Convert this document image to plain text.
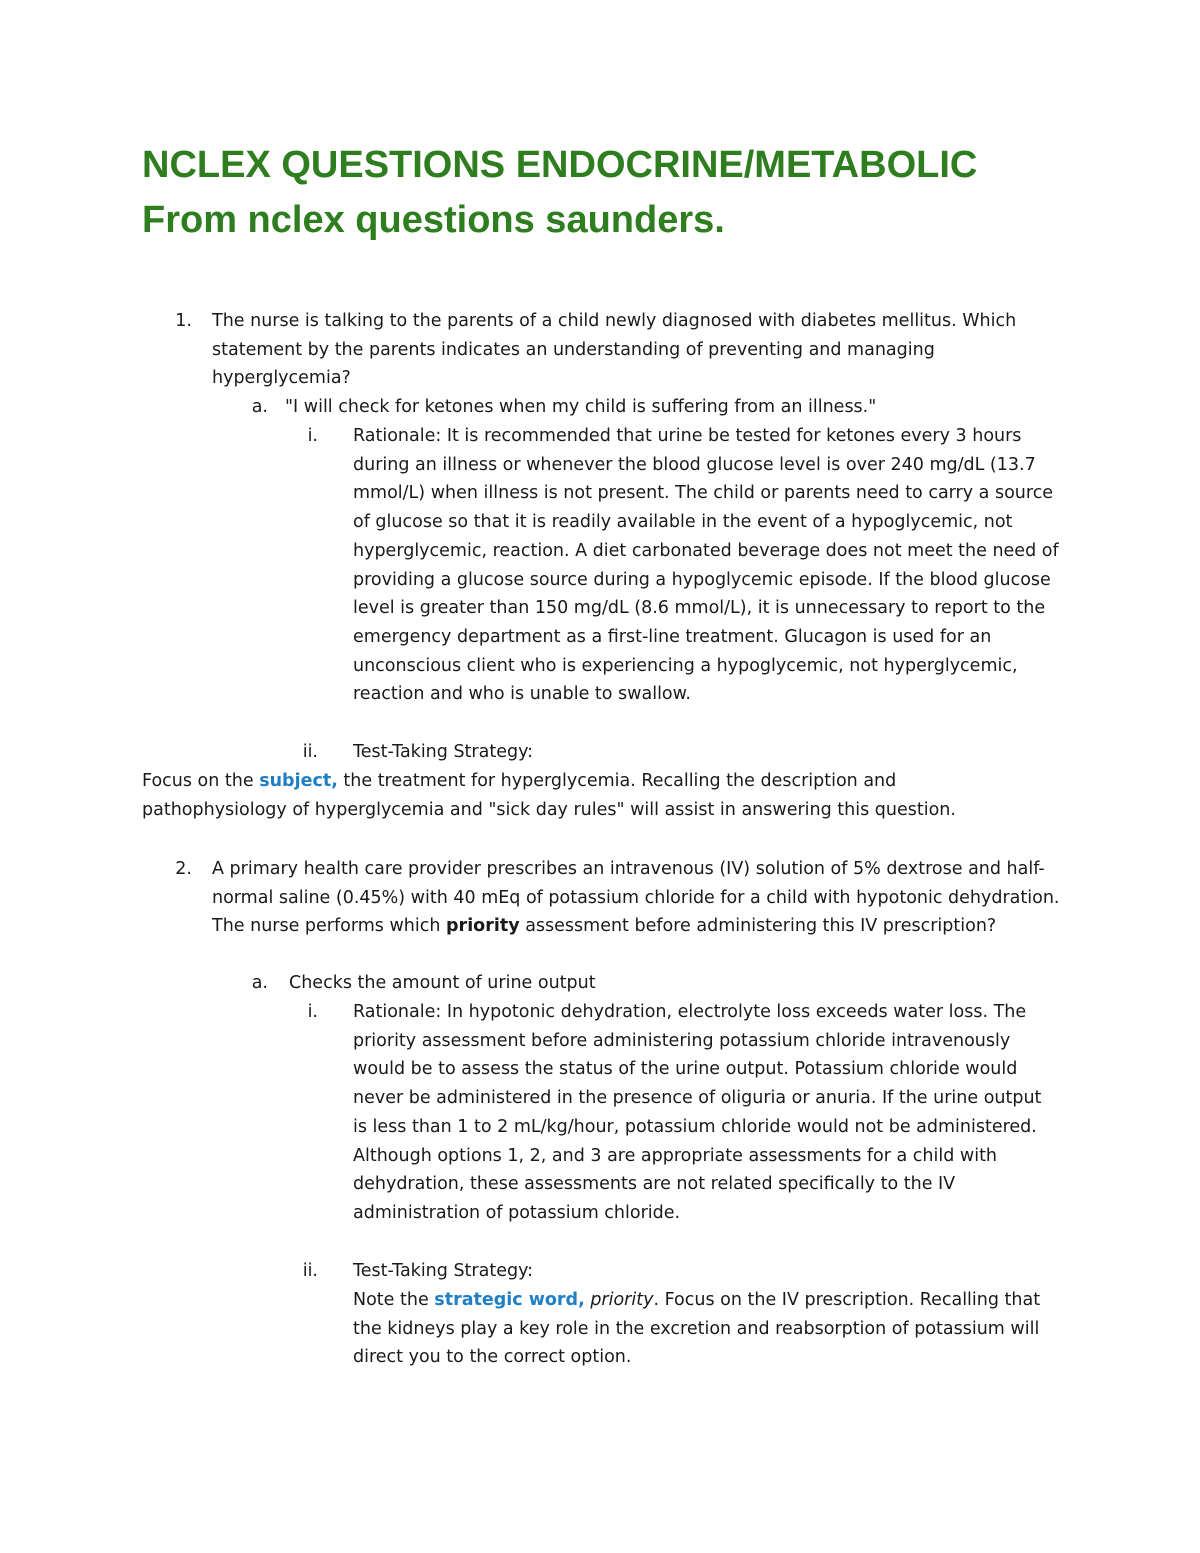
NCLEX QUESTIONS ENDOCRINE/METABOLIC
From nclex questions saunders.
1. The nurse is talking to the parents of a child newly diagnosed with diabetes mellitus. Which statement by the parents indicates an understanding of preventing and managing hyperglycemia?

a. "I will check for ketones when my child is suffering from an illness."

i. Rationale: It is recommended that urine be tested for ketones every 3 hours during an illness or whenever the blood glucose level is over 240 mg/dL (13.7 mmol/L) when illness is not present. The child or parents need to carry a source of glucose so that it is readily available in the event of a hypoglycemic, not hyperglycemic, reaction. A diet carbonated beverage does not meet the need of providing a glucose source during a hypoglycemic episode. If the blood glucose level is greater than 150 mg/dL (8.6 mmol/L), it is unnecessary to report to the emergency department as a first-line treatment. Glucagon is used for an unconscious client who is experiencing a hypoglycemic, not hyperglycemic, reaction and who is unable to swallow.

ii. Test-Taking Strategy:

Focus on the subject, the treatment for hyperglycemia. Recalling the description and pathophysiology of hyperglycemia and "sick day rules" will assist in answering this question.

2. A primary health care provider prescribes an intravenous (IV) solution of 5% dextrose and half-normal saline (0.45%) with 40 mEq of potassium chloride for a child with hypotonic dehydration. The nurse performs which priority assessment before administering this IV prescription?

a. Checks the amount of urine output

i. Rationale: In hypotonic dehydration, electrolyte loss exceeds water loss. The priority assessment before administering potassium chloride intravenously would be to assess the status of the urine output. Potassium chloride would never be administered in the presence of oliguria or anuria. If the urine output is less than 1 to 2 mL/kg/hour, potassium chloride would not be administered. Although options 1, 2, and 3 are appropriate assessments for a child with dehydration, these assessments are not related specifically to the IV administration of potassium chloride.

ii. Test-Taking Strategy:

Note the strategic word, priority. Focus on the IV prescription. Recalling that the kidneys play a key role in the excretion and reabsorption of potassium will direct you to the correct option.
